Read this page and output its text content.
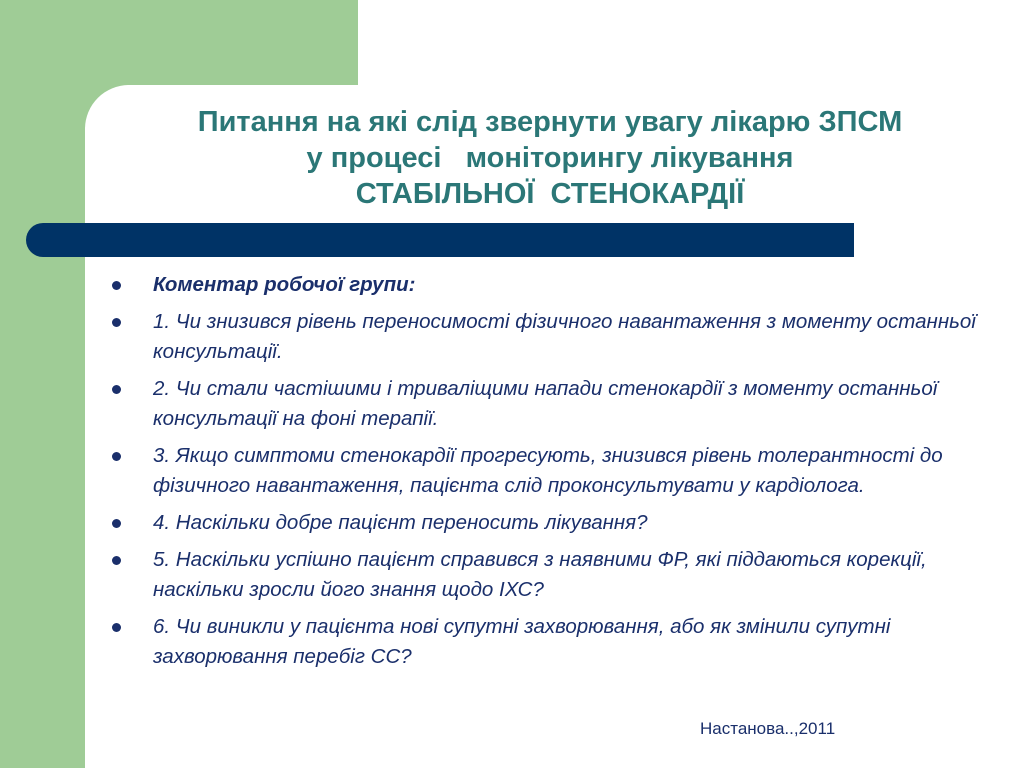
Питання на які слід звернути увагу лікарю ЗПСМ
у процесі   моніторингу лікування
СТАБІЛЬНОЇ  СТЕНОКАРДІЇ
Коментар робочої групи:
1. Чи знизився рівень переносимості фізичного навантаження з моменту останньої консультації.
2. Чи стали частішими і триваліщими напади стенокардії з моменту останньої консультації на фоні терапії.
3. Якщо симптоми стенокардії прогресують, знизився рівень толерантності до фізичного навантаження, пацієнта слід проконсультувати у кардіолога.
4. Наскільки добре пацієнт переносить лікування?
5. Наскільки успішно пацієнт справився з наявними ФР, які піддаються корекції, наскільки зросли його знання щодо ІХС?
6. Чи виникли у пацієнта нові супутні захворювання, або як змінили супутні захворювання перебіг СС?
Настанова..,2011
